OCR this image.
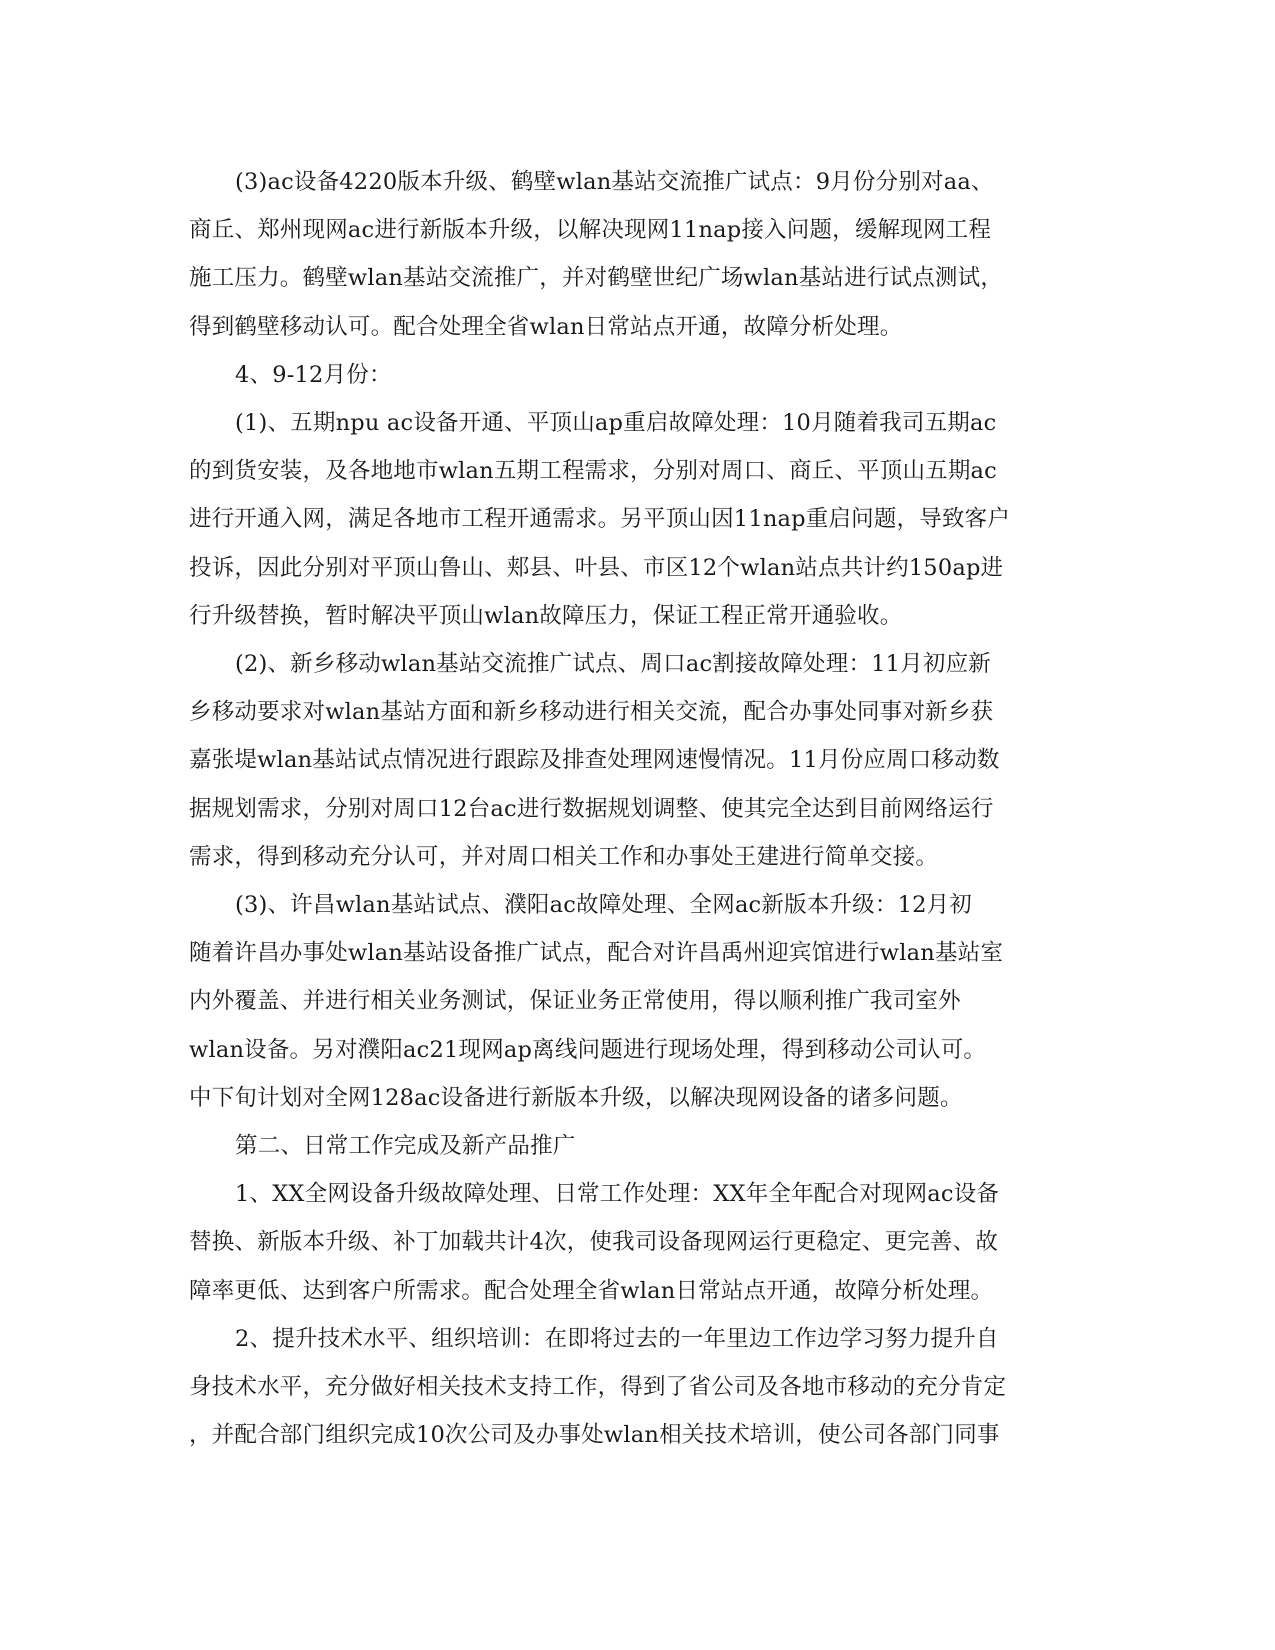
(3)ac设备4220版本升级、鹤壁wlan基站交流推广试点：9月份分别对aa、
商丘、郑州现网ac进行新版本升级，以解决现网11nap接入问题，缓解现网工程
施工压力。鹤壁wlan基站交流推广，并对鹤壁世纪广场wlan基站进行试点测试，
得到鹤壁移动认可。配合处理全省wlan日常站点开通，故障分析处理。
4、9-12月份：
(1)、五期npu ac设备开通、平顶山ap重启故障处理：10月随着我司五期ac
的到货安装，及各地地市wlan五期工程需求，分别对周口、商丘、平顶山五期ac
进行开通入网，满足各地市工程开通需求。另平顶山因11nap重启问题，导致客户
投诉，因此分别对平顶山鲁山、郏县、叶县、市区12个wlan站点共计约150ap进
行升级替换，暂时解决平顶山wlan故障压力，保证工程正常开通验收。
(2)、新乡移动wlan基站交流推广试点、周口ac割接故障处理：11月初应新
乡移动要求对wlan基站方面和新乡移动进行相关交流，配合办事处同事对新乡获
嘉张堤wlan基站试点情况进行跟踪及排查处理网速慢情况。11月份应周口移动数
据规划需求，分别对周口12台ac进行数据规划调整、使其完全达到目前网络运行
需求，得到移动充分认可，并对周口相关工作和办事处王建进行简单交接。
(3)、许昌wlan基站试点、濮阳ac故障处理、全网ac新版本升级：12月初
随着许昌办事处wlan基站设备推广试点，配合对许昌禹州迎宾馆进行wlan基站室
内外覆盖、并进行相关业务测试，保证业务正常使用，得以顺利推广我司室外
wlan设备。另对濮阳ac21现网ap离线问题进行现场处理，得到移动公司认可。
中下旬计划对全网128ac设备进行新版本升级，以解决现网设备的诸多问题。
第二、日常工作完成及新产品推广
1、XX全网设备升级故障处理、日常工作处理：XX年全年配合对现网ac设备
替换、新版本升级、补丁加载共计4次，使我司设备现网运行更稳定、更完善、故
障率更低、达到客户所需求。配合处理全省wlan日常站点开通，故障分析处理。
2、提升技术水平、组织培训：在即将过去的一年里边工作边学习努力提升自
身技术水平，充分做好相关技术支持工作，得到了省公司及各地市移动的充分肯定
，并配合部门组织完成10次公司及办事处wlan相关技术培训，使公司各部门同事
